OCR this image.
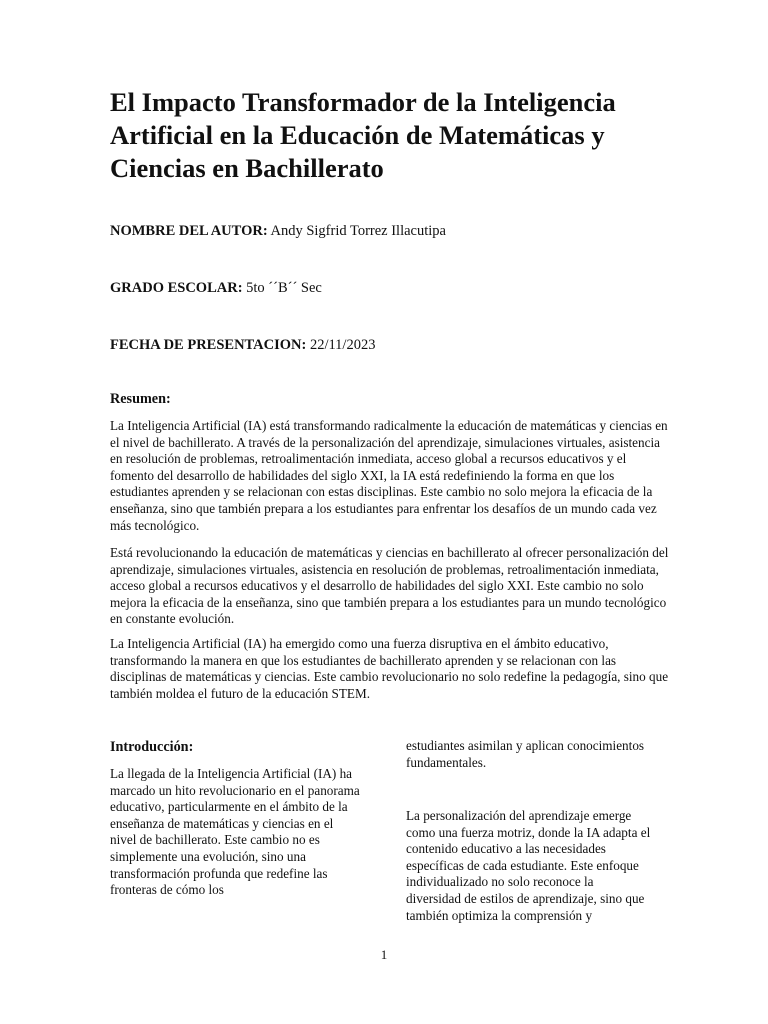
El Impacto Transformador de la Inteligencia Artificial en la Educación de Matemáticas y Ciencias en Bachillerato

NOMBRE DEL AUTOR: Andy Sigfrid Torrez Illacutipa

GRADO ESCOLAR: 5to ´´B´´ Sec

FECHA DE PRESENTACION: 22/11/2023

Resumen:

La Inteligencia Artificial (IA) está transformando radicalmente la educación de matemáticas y ciencias en el nivel de bachillerato. A través de la personalización del aprendizaje, simulaciones virtuales, asistencia en resolución de problemas, retroalimentación inmediata, acceso global a recursos educativos y el fomento del desarrollo de habilidades del siglo XXI, la IA está redefiniendo la forma en que los estudiantes aprenden y se relacionan con estas disciplinas. Este cambio no solo mejora la eficacia de la enseñanza, sino que también prepara a los estudiantes para enfrentar los desafíos de un mundo cada vez más tecnológico.

Está revolucionando la educación de matemáticas y ciencias en bachillerato al ofrecer personalización del aprendizaje, simulaciones virtuales, asistencia en resolución de problemas, retroalimentación inmediata, acceso global a recursos educativos y el desarrollo de habilidades del siglo XXI. Este cambio no solo mejora la eficacia de la enseñanza, sino que también prepara a los estudiantes para un mundo tecnológico en constante evolución.

La Inteligencia Artificial (IA) ha emergido como una fuerza disruptiva en el ámbito educativo, transformando la manera en que los estudiantes de bachillerato aprenden y se relacionan con las disciplinas de matemáticas y ciencias. Este cambio revolucionario no solo redefine la pedagogía, sino que también moldea el futuro de la educación STEM.

Introducción:

La llegada de la Inteligencia Artificial (IA) ha marcado un hito revolucionario en el panorama educativo, particularmente en el ámbito de la enseñanza de matemáticas y ciencias en el nivel de bachillerato. Este cambio no es simplemente una evolución, sino una transformación profunda que redefine las fronteras de cómo los

estudiantes asimilan y aplican conocimientos fundamentales.

La personalización del aprendizaje emerge como una fuerza motriz, donde la IA adapta el contenido educativo a las necesidades específicas de cada estudiante. Este enfoque individualizado no solo reconoce la diversidad de estilos de aprendizaje, sino que también optimiza la comprensión y

1
